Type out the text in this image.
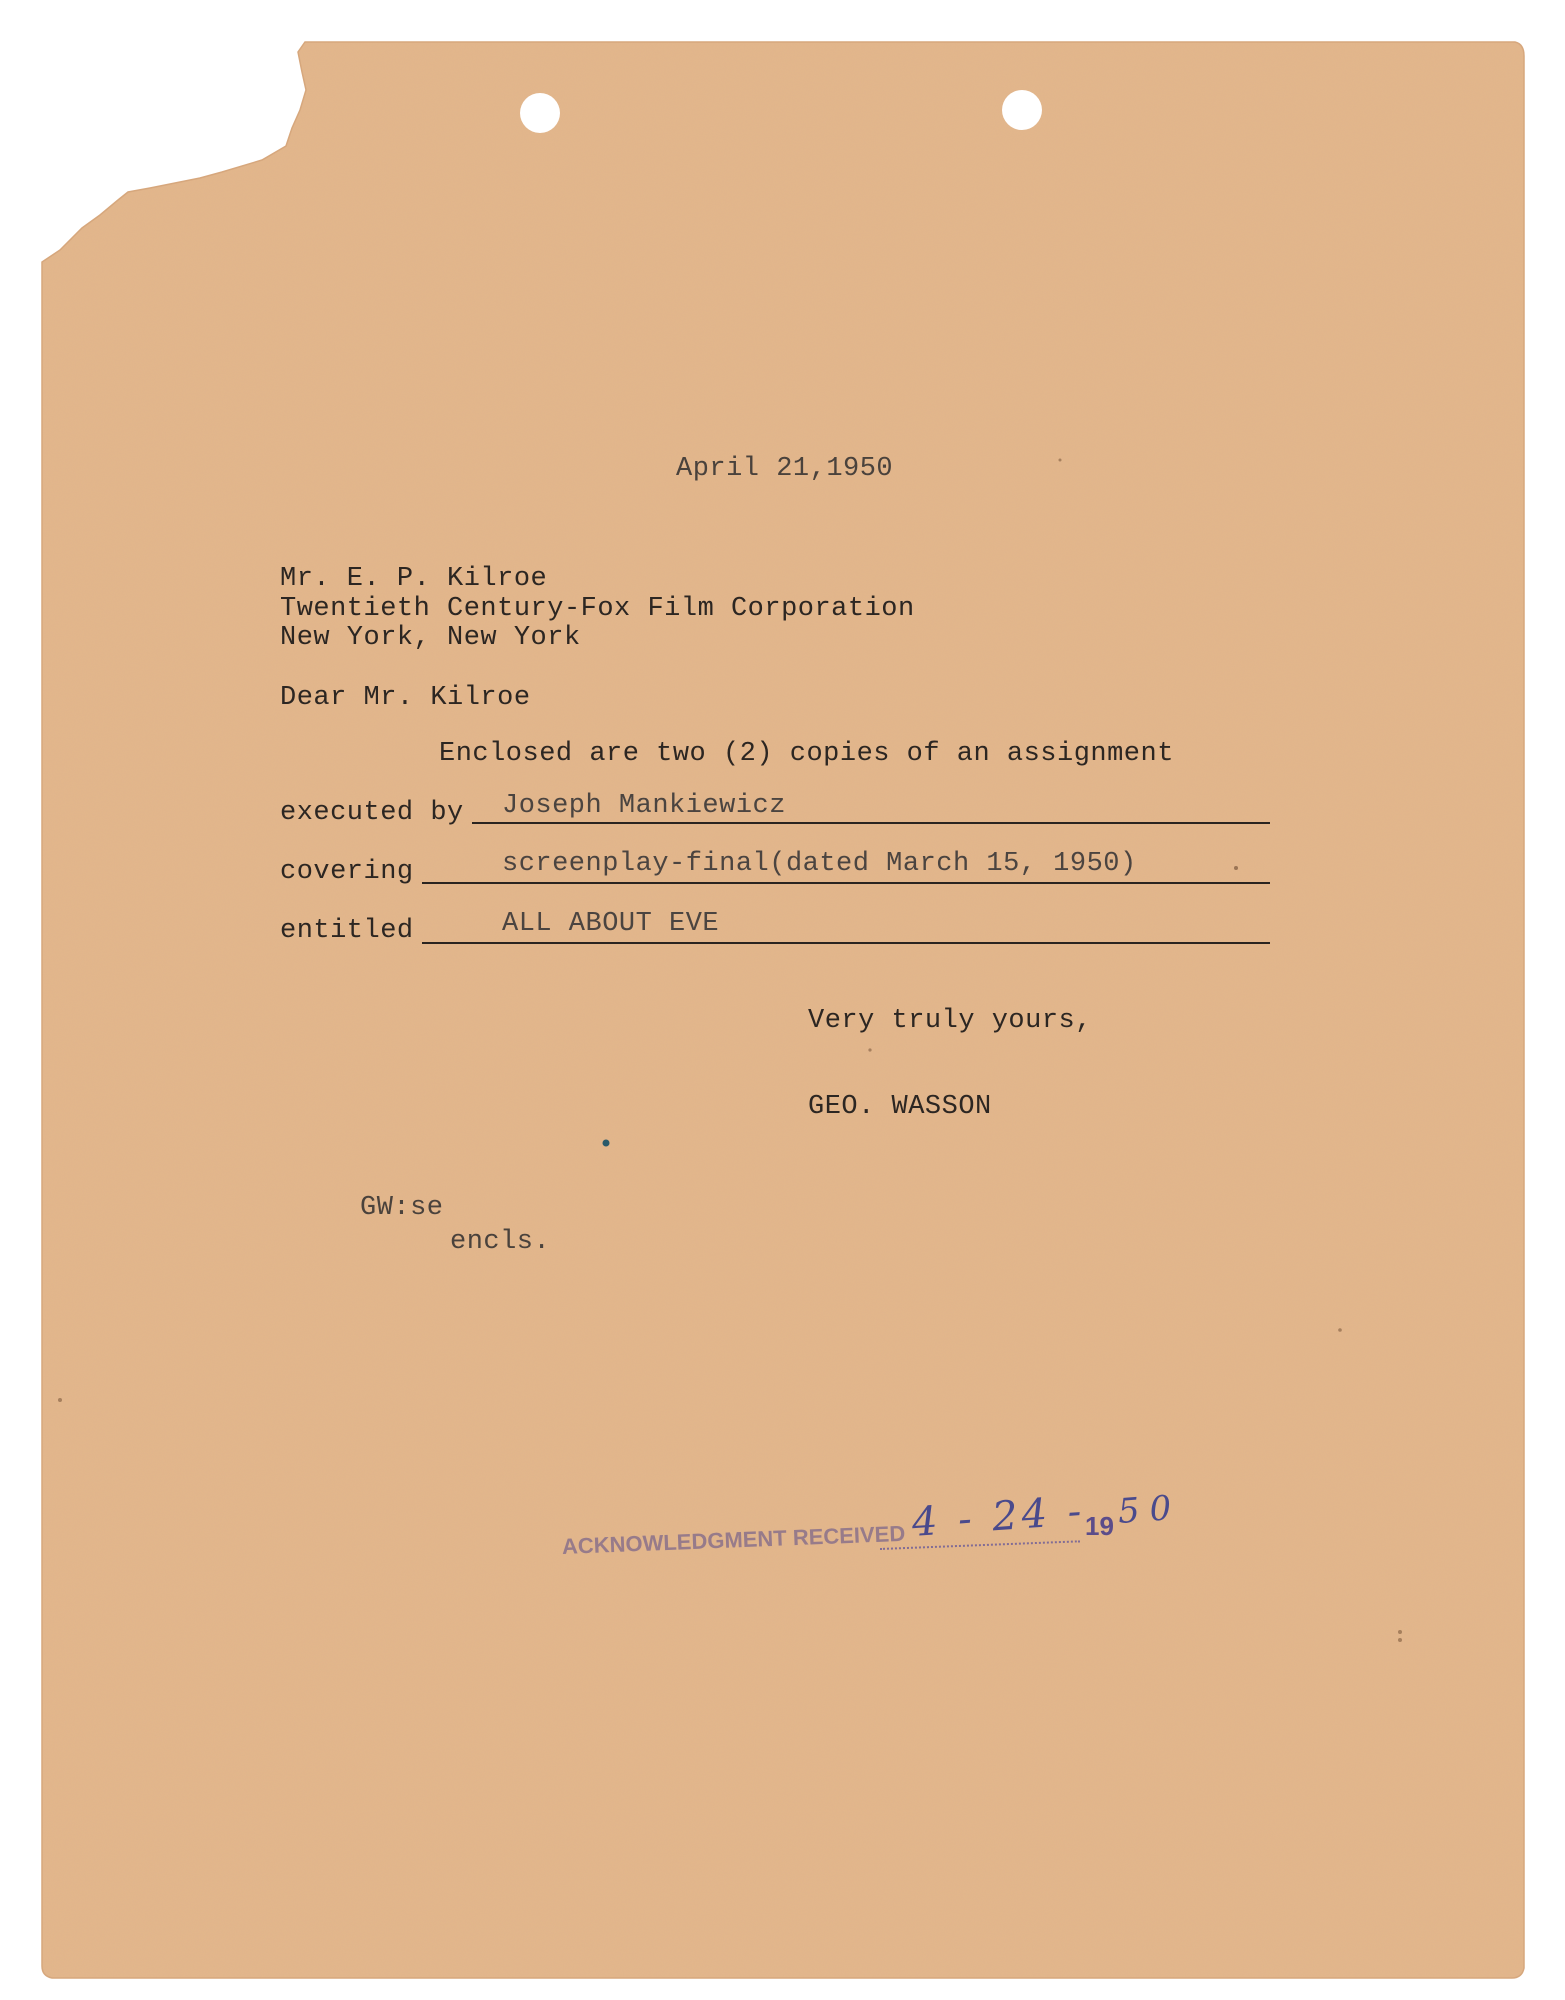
April 21,1950
Mr. E. P. Kilroe
Twentieth Century-Fox Film Corporation
New York, New York
Dear Mr. Kilroe
Enclosed are two (2) copies of an assignment
executed by Joseph Mankiewicz
covering	screenplay-final(dated March 15, 1950)
entitled	ALL ABOUT EVE
Very truly yours,
GEO. WASSON
GW:se
encls.
ACKNOWLEDGMENT RECEIVED 4 - 24 -
19 50
